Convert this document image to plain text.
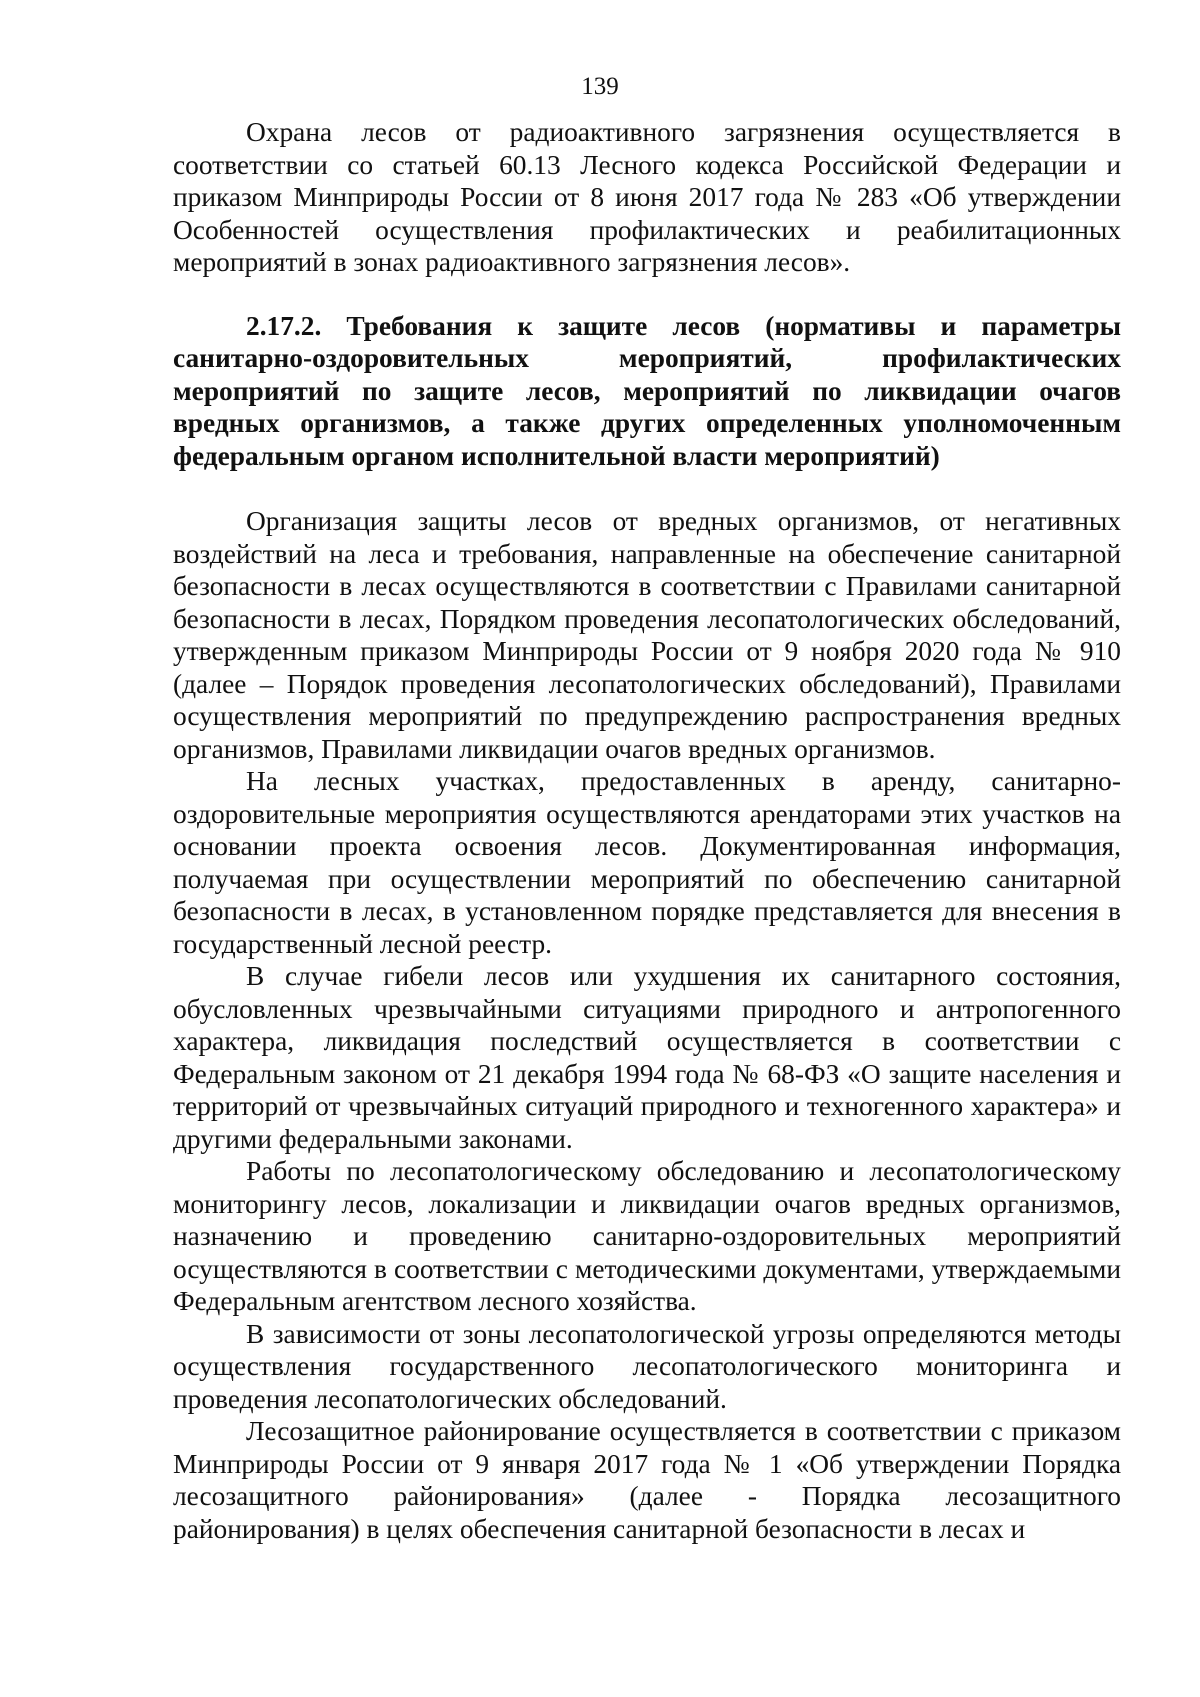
139

Охрана лесов от радиоактивного загрязнения осуществляется в соответствии со статьей 60.13 Лесного кодекса Российской Федерации и приказом Минприроды России от 8 июня 2017 года № 283 «Об утверждении Особенностей осуществления профилактических и реабилитационных мероприятий в зонах радиоактивного загрязнения лесов».

2.17.2. Требования к защите лесов (нормативы и параметры санитарно-оздоровительных мероприятий, профилактических мероприятий по защите лесов, мероприятий по ликвидации очагов вредных организмов, а также других определенных уполномоченным федеральным органом исполнительной власти мероприятий)

Организация защиты лесов от вредных организмов, от негативных воздействий на леса и требования, направленные на обеспечение санитарной безопасности в лесах осуществляются в соответствии с Правилами санитарной безопасности в лесах, Порядком проведения лесопатологических обследований, утвержденным приказом Минприроды России от 9 ноября 2020 года № 910 (далее – Порядок проведения лесопатологических обследований), Правилами осуществления мероприятий по предупреждению распространения вредных организмов, Правилами ликвидации очагов вредных организмов.

На лесных участках, предоставленных в аренду, санитарно-оздоровительные мероприятия осуществляются арендаторами этих участков на основании проекта освоения лесов. Документированная информация, получаемая при осуществлении мероприятий по обеспечению санитарной безопасности в лесах, в установленном порядке представляется для внесения в государственный лесной реестр.

В случае гибели лесов или ухудшения их санитарного состояния, обусловленных чрезвычайными ситуациями природного и антропогенного характера, ликвидация последствий осуществляется в соответствии с Федеральным законом от 21 декабря 1994 года № 68-ФЗ «О защите населения и территорий от чрезвычайных ситуаций природного и техногенного характера» и другими федеральными законами.

Работы по лесопатологическому обследованию и лесопатологическому мониторингу лесов, локализации и ликвидации очагов вредных организмов, назначению и проведению санитарно-оздоровительных мероприятий осуществляются в соответствии с методическими документами, утверждаемыми Федеральным агентством лесного хозяйства.

В зависимости от зоны лесопатологической угрозы определяются методы осуществления государственного лесопатологического мониторинга и проведения лесопатологических обследований.

Лесозащитное районирование осуществляется в соответствии с приказом Минприроды России от 9 января 2017 года № 1 «Об утверждении Порядка лесозащитного районирования» (далее - Порядка лесозащитного районирования) в целях обеспечения санитарной безопасности в лесах и
